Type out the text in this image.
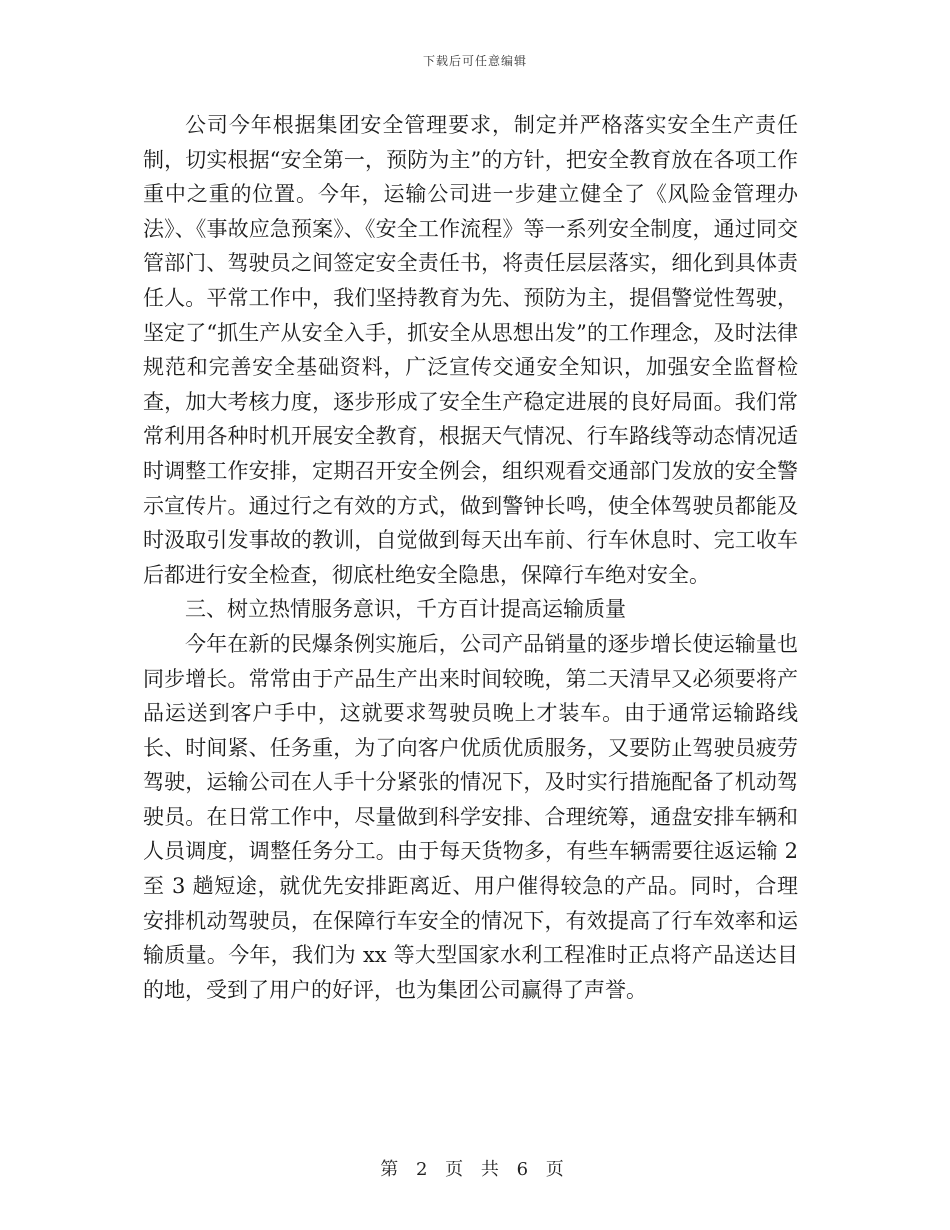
下载后可任意编辑

公司今年根据集团安全管理要求，制定并严格落实安全生产责任制，切实根据“安全第一，预防为主”的方针，把安全教育放在各项工作重中之重的位置。今年，运输公司进一步建立健全了《风险金管理办法》、《事故应急预案》、《安全工作流程》等一系列安全制度，通过同交管部门、驾驶员之间签定安全责任书，将责任层层落实，细化到具体责任人。平常工作中，我们坚持教育为先、预防为主，提倡警觉性驾驶，坚定了“抓生产从安全入手，抓安全从思想出发”的工作理念，及时法律规范和完善安全基础资料，广泛宣传交通安全知识，加强安全监督检查，加大考核力度，逐步形成了安全生产稳定进展的良好局面。我们常常利用各种时机开展安全教育，根据天气情况、行车路线等动态情况适时调整工作安排，定期召开安全例会，组织观看交通部门发放的安全警示宣传片。通过行之有效的方式，做到警钟长鸣，使全体驾驶员都能及时汲取引发事故的教训，自觉做到每天出车前、行车休息时、完工收车后都进行安全检查，彻底杜绝安全隐患，保障行车绝对安全。

三、树立热情服务意识，千方百计提高运输质量

今年在新的民爆条例实施后，公司产品销量的逐步增长使运输量也同步增长。常常由于产品生产出来时间较晚，第二天清早又必须要将产品运送到客户手中，这就要求驾驶员晚上才装车。由于通常运输路线长、时间紧、任务重，为了向客户优质优质服务，又要防止驾驶员疲劳驾驶，运输公司在人手十分紧张的情况下，及时实行措施配备了机动驾驶员。在日常工作中，尽量做到科学安排、合理统筹，通盘安排车辆和人员调度，调整任务分工。由于每天货物多，有些车辆需要往返运输 2 至 3 趟短途，就优先安排距离近、用户催得较急的产品。同时，合理安排机动驾驶员，在保障行车安全的情况下，有效提高了行车效率和运输质量。今年，我们为 xx 等大型国家水利工程准时正点将产品送达目的地，受到了用户的好评，也为集团公司赢得了声誉。

第 2 页 共 6 页
